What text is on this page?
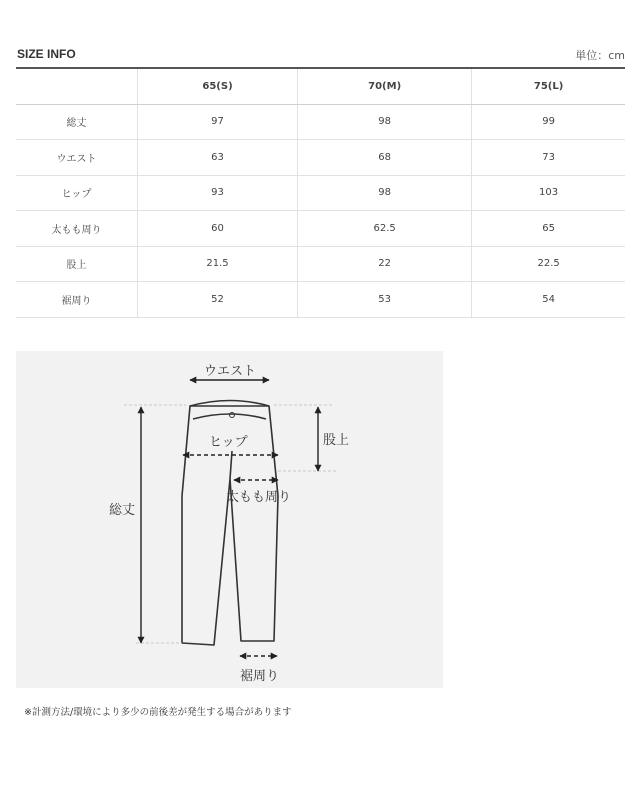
SIZE INFO	単位：cm
	65(S)	70(M)	75(L)
総丈	97	98	99
ウエスト	63	68	73
ヒップ	93	98	103
太もも周り	60	62.5	65
股上	21.5	22	22.5
裾周り	52	53	54
ウエスト
ヒップ	股上
太もも周り
総丈
裾周り
※計測方法/環境により多少の前後差が発生する場合があります
